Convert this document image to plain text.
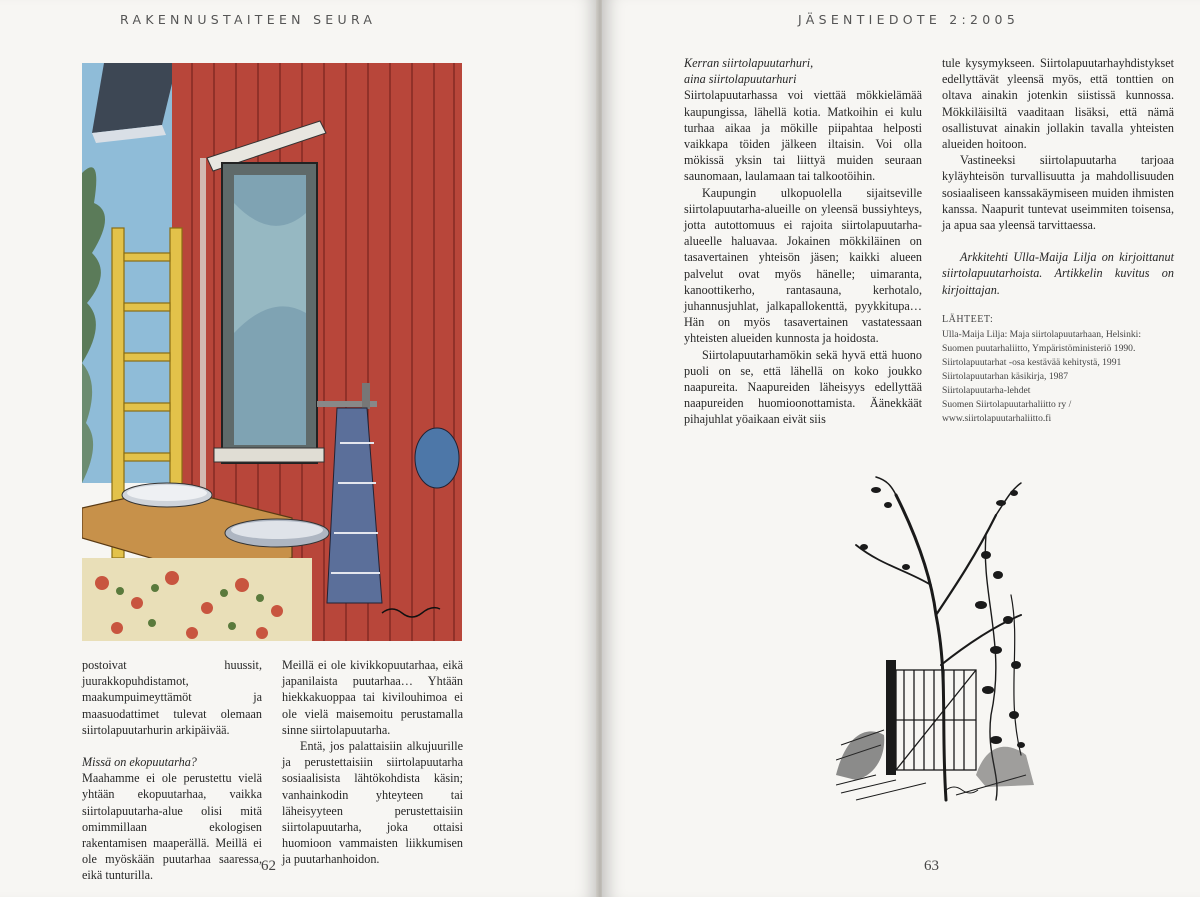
RAKENNUSTAITEEN SEURA

postoivat huussit, juurakkopuhdistamot, maakumpuimeyttämöt ja maasuodattimet tulevat olemaan siirtolapuutarhurin arkipäivää.

Missä on ekopuutarha?

Maahamme ei ole perustettu vielä yhtään ekopuutarhaa, vaikka siirtolapuutarha-alue olisi mitä omimmillaan ekologisen rakentamisen maaperällä. Meillä ei ole myöskään puutarhaa saaressa, eikä tunturilla.

Meillä ei ole kivikkopuutarhaa, eikä japanilaista puutarhaa… Yhtään hiekkakuoppaa tai kivilouhimoa ei ole vielä maisemoitu perustamalla sinne siirtolapuutarha.

Entä, jos palattaisiin alkujuurille ja perustettaisiin siirtolapuutarha sosiaalisista lähtökohdista käsin; vanhainkodin yhteyteen tai läheisyyteen perustettaisiin siirtolapuutarha, joka ottaisi huomioon vammaisten liikkumisen ja puutarhanhoidon.

62
JÄSENTIEDOTE 2:2005

Kerran siirtolapuutarhuri,

aina siirtolapuutarhuri

Siirtolapuutarhassa voi viettää mökkielämää kaupungissa, lähellä kotia. Matkoihin ei kulu turhaa aikaa ja mökille piipahtaa helposti vaikkapa töiden jälkeen iltaisin. Voi olla mökissä yksin tai liittyä muiden seuraan saunomaan, laulamaan tai talkootöihin.

Kaupungin ulkopuolella sijaitseville siirtolapuutarha-alueille on yleensä bussiyhteys, jotta autottomuus ei rajoita siirtolapuutarha-alueelle haluavaa. Jokainen mökkiläinen on tasavertainen yhteisön jäsen; kaikki alueen palvelut ovat myös hänelle; uimaranta, kanoottikerho, rantasauna, kerhotalo, juhannusjuhlat, jalkapallokenttä, pyykkitupa… Hän on myös tasavertainen vastatessaan yhteisten alueiden kunnosta ja hoidosta.

Siirtolapuutarhamökin sekä hyvä että huono puoli on se, että lähellä on koko joukko naapureita. Naapureiden läheisyys edellyttää naapureiden huomioonottamista. Äänekkäät pihajuhlat yöaikaan eivät siis

tule kysymykseen. Siirtolapuutarhayhdistykset edellyttävät yleensä myös, että tonttien on oltava ainakin jotenkin siistissä kunnossa. Mökkiläisiltä vaaditaan lisäksi, että nämä osallistuvat ainakin jollakin tavalla yhteisten alueiden hoitoon.

Vastineeksi siirtolapuutarha tarjoaa kyläyhteisön turvallisuutta ja mahdollisuuden sosiaaliseen kanssakäymiseen muiden ihmisten kanssa. Naapurit tuntevat useimmiten toisensa, ja apua saa yleensä tarvittaessa.

Arkkitehti Ulla-Maija Lilja on kirjoittanut siirtolapuutarhoista. Artikkelin kuvitus on kirjoittajan.

LÄHTEET:

Ulla-Maija Lilja: Maja siirtolapuutarhaan, Helsinki: Suomen puutarhaliitto, Ympäristöministeriö 1990.
Siirtolapuutarhat -osa kestävää kehitystä, 1991
Siirtolapuutarhan käsikirja, 1987
Siirtolapuutarha-lehdet
Suomen Siirtolapuutarhaliitto ry / www.siirtolapuutarhaliitto.fi
63
